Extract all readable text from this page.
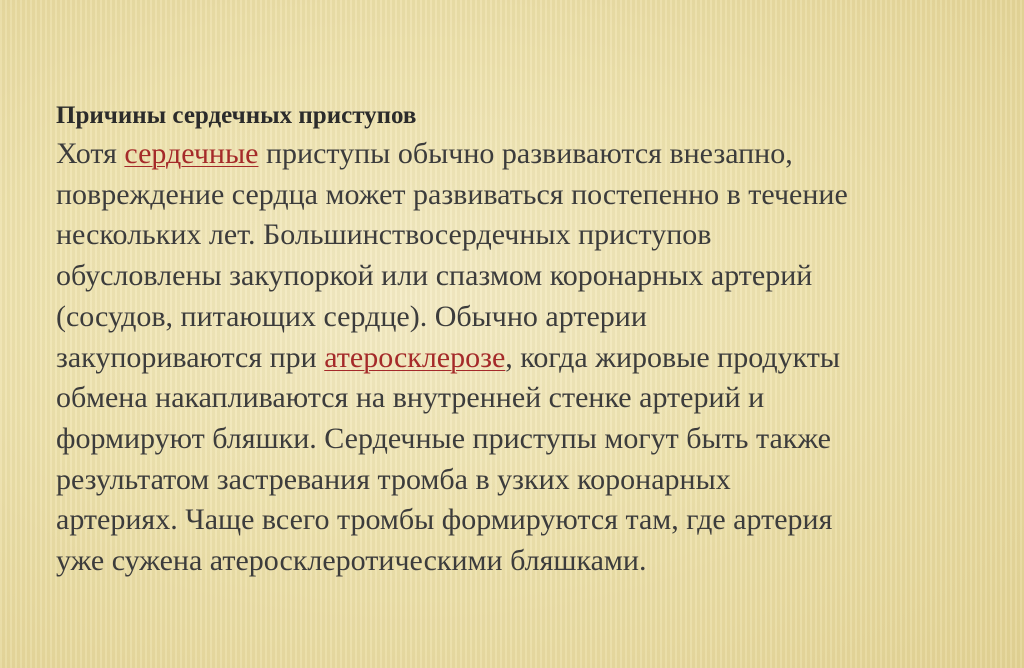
Причины сердечных приступов
Хотя сердечные приступы обычно развиваются внезапно,
повреждение сердца может развиваться постепенно в течение
нескольких лет. Большинствосердечных приступов
обусловлены закупоркой или спазмом коронарных артерий
(сосудов, питающих сердце). Обычно артерии
закупориваются при атеросклерозе, когда жировые продукты
обмена накапливаются на внутренней стенке артерий и
формируют бляшки. Сердечные приступы могут быть также
результатом застревания тромба в узких коронарных
артериях. Чаще всего тромбы формируются там, где артерия
уже сужена атеросклеротическими бляшками.
